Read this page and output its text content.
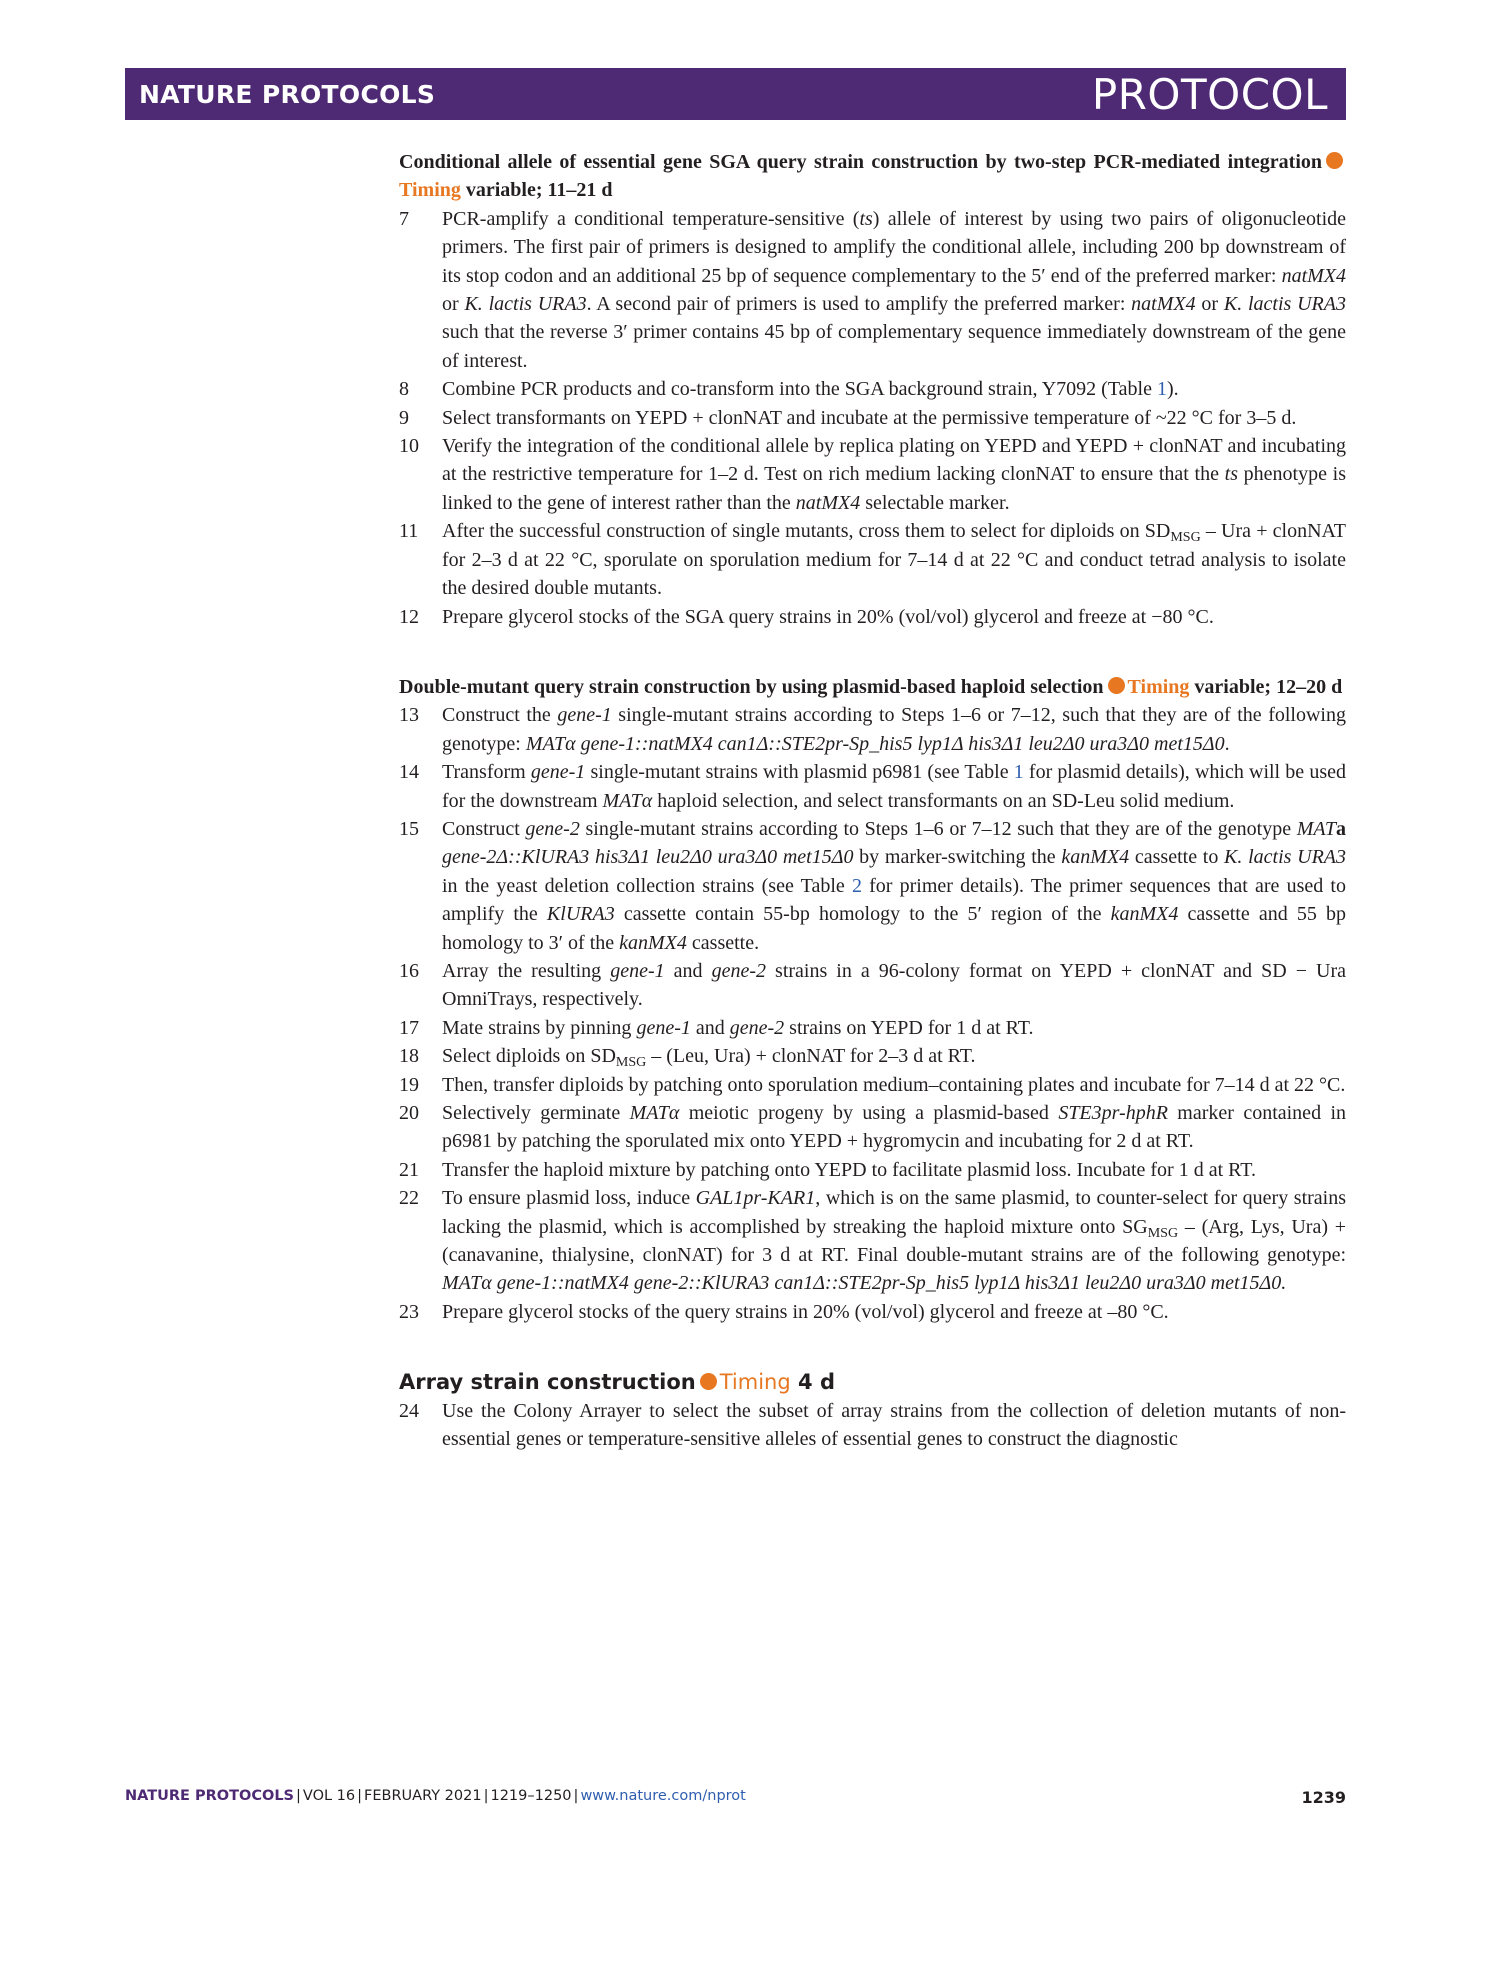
NATURE PROTOCOLS	PROTOCOL

Conditional allele of essential gene SGA query strain construction by two-step PCR-mediated integrationTiming variable; 11–21 d

7 PCR-amplify a conditional temperature-sensitive (ts) allele of interest by using two pairs of oligonucleotide primers. The first pair of primers is designed to amplify the conditional allele, including 200 bp downstream of its stop codon and an additional 25 bp of sequence complementary to the 5′ end of the preferred marker: natMX4 or K. lactis URA3. A second pair of primers is used to amplify the preferred marker: natMX4 or K. lactis URA3 such that the reverse 3′ primer contains 45 bp of complementary sequence immediately downstream of the gene of interest.
8 Combine PCR products and co-transform into the SGA background strain, Y7092 (Table 1).
9 Select transformants on YEPD + clonNAT and incubate at the permissive temperature of ~22 °C for 3–5 d.
10 Verify the integration of the conditional allele by replica plating on YEPD and YEPD + clonNAT and incubating at the restrictive temperature for 1–2 d. Test on rich medium lacking clonNAT to ensure that the ts phenotype is linked to the gene of interest rather than the natMX4 selectable marker.
11 After the successful construction of single mutants, cross them to select for diploids on $SD_{MSG}$ – Ura + clonNAT for 2–3 d at 22 °C, sporulate on sporulation medium for 7–14 d at 22 °C and conduct tetrad analysis to isolate the desired double mutants.
12 Prepare glycerol stocks of the SGA query strains in 20% (vol/vol) glycerol and freeze at −80 °C.

Double-mutant query strain construction by using plasmid-based haploid selection Timing variable; 12–20 d

13 Construct the gene-1 single-mutant strains according to Steps 1–6 or 7–12, such that they are of the following genotype: MATα gene-1::natMX4 can1Δ::STE2pr-Sp_his5 lyp1Δ his3Δ1 leu2Δ0 ura3Δ0 met15Δ0.
14 Transform gene-1 single-mutant strains with plasmid p6981 (see Table 1 for plasmid details), which will be used for the downstream MATα haploid selection, and select transformants on an SD-Leu solid medium.
15 Construct gene-2 single-mutant strains according to Steps 1–6 or 7–12 such that they are of the genotype MATa gene-2Δ::KlURA3 his3Δ1 leu2Δ0 ura3Δ0 met15Δ0 by marker-switching the kanMX4 cassette to K. lactis URA3 in the yeast deletion collection strains (see Table 2 for primer details). The primer sequences that are used to amplify the KlURA3 cassette contain 55-bp homology to the 5′ region of the kanMX4 cassette and 55 bp homology to 3′ of the kanMX4 cassette.
16 Array the resulting gene-1 and gene-2 strains in a 96-colony format on YEPD + clonNAT and SD − Ura OmniTrays, respectively.
17 Mate strains by pinning gene-1 and gene-2 strains on YEPD for 1 d at RT.
18 Select diploids on $SD_{MSG} - (Leu$, Ura) + clonNAT for 2–3 d at RT.
19 Then, transfer diploids by patching onto sporulation medium–containing plates and incubate for 7–14 d at 22 °C.
20 Selectively germinate MATα meiotic progeny by using a plasmid-based STE3pr-hphR marker contained in p6981 by patching the sporulated mix onto YEPD + hygromycin and incubating for 2 d at RT.
21 Transfer the haploid mixture by patching onto YEPD to facilitate plasmid loss. Incubate for 1 d at RT.
22 To ensure plasmid loss, induce GAL1pr-KAR1, which is on the same plasmid, to counter-select for query strains lacking the plasmid, which is accomplished by streaking the haploid mixture onto $SG_{MSG} - (Arg$, Lys, Ura) + (canavanine, thialysine, clonNAT) for 3 d at RT. Final double-mutant strains are of the following genotype: MATα gene-1::natMX4 gene-2::KlURA3 can1Δ::STE2pr-Sp_his5 lyp1Δ his3Δ1 leu2Δ0 ura3Δ0 met15Δ0.
23 Prepare glycerol stocks of the query strains in 20% (vol/vol) glycerol and freeze at –80 °C.

Array strain construction Timing 4 d

24 Use the Colony Arrayer to select the subset of array strains from the collection of deletion mutants of non-essential genes or temperature-sensitive alleles of essential genes to construct the diagnostic
NATURE PROTOCOLS | VOL 16 | FEBRUARY 2021 | 1219–1250 | www.nature.com/nprot	1239
